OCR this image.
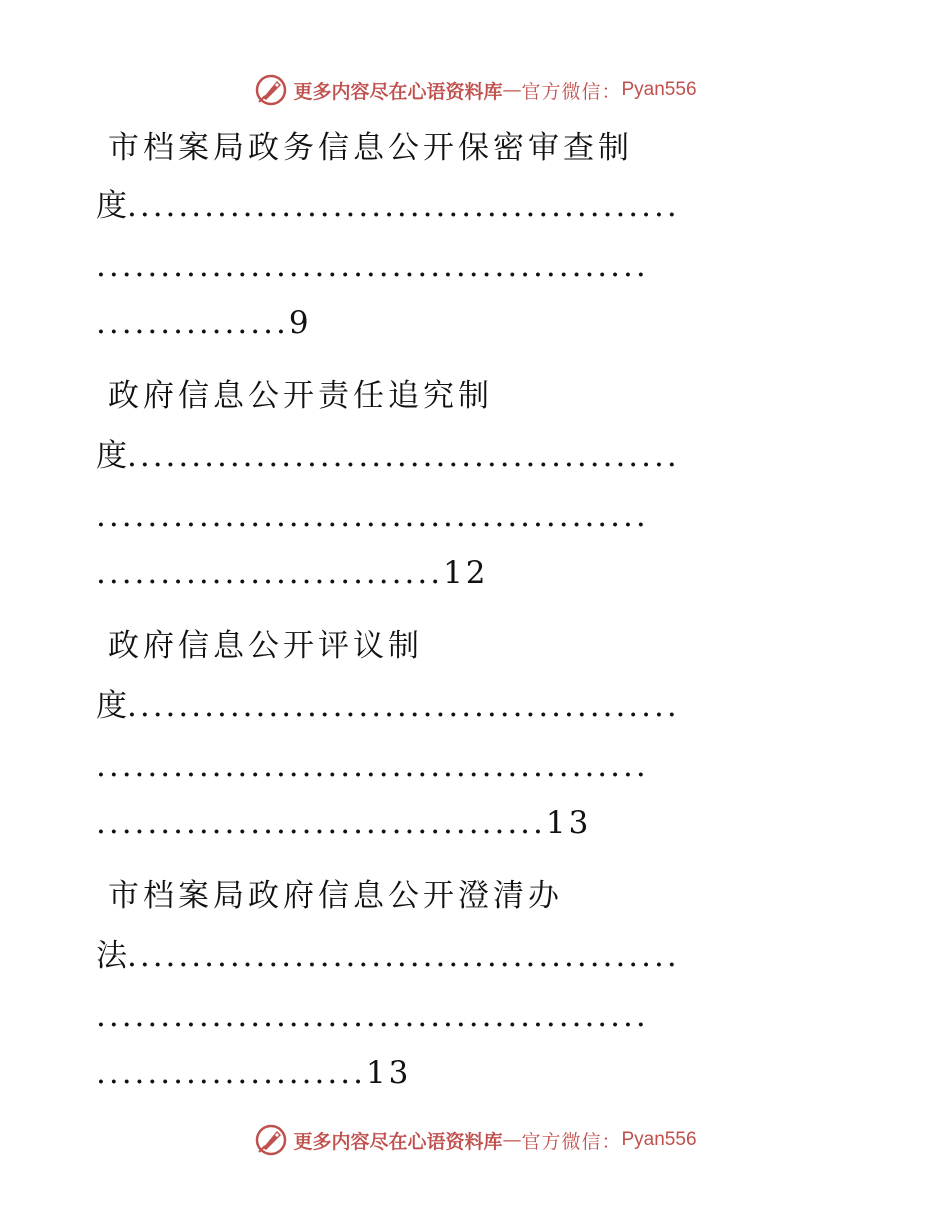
更多内容尽在心语资料库 — 官方微信： Pyan556
市档案局政务信息公开保密审查制
度...........................................
...........................................
...............9
政府信息公开责任追究制
度...........................................
...........................................
...........................12
政府信息公开评议制
度...........................................
...........................................
...................................13
市档案局政府信息公开澄清办
法...........................................
...........................................
.....................13
更多内容尽在心语资料库 — 官方微信： Pyan556
